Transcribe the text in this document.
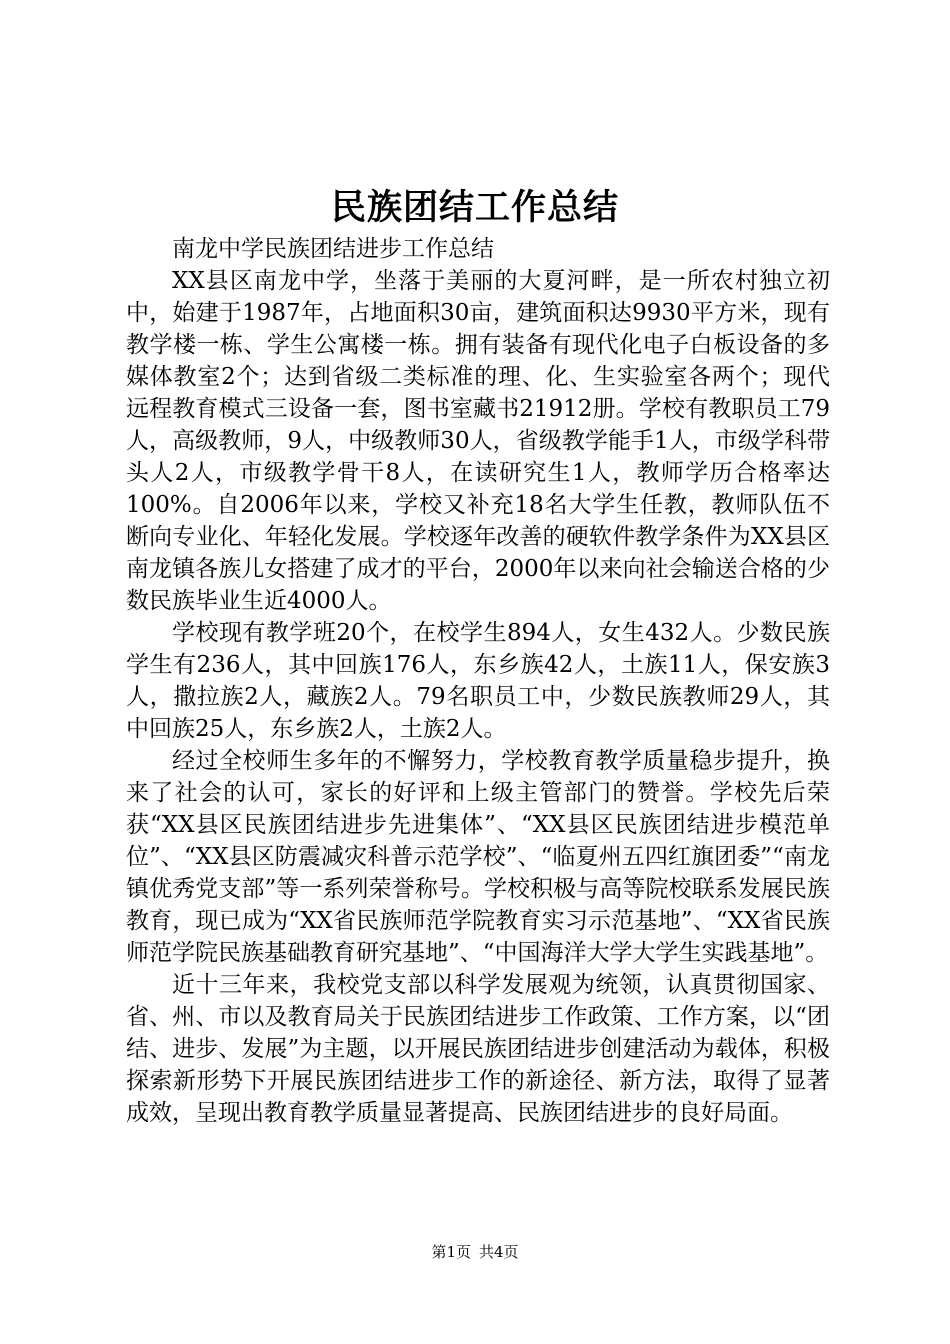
民族团结工作总结

南龙中学民族团结进步工作总结

XX县区南龙中学，坐落于美丽的大夏河畔，是一所农村独立初中，始建于1987年，占地面积30亩，建筑面积达9930平方米，现有教学楼一栋、学生公寓楼一栋。拥有装备有现代化电子白板设备的多媒体教室2个；达到省级二类标准的理、化、生实验室各两个；现代远程教育模式三设备一套，图书室藏书21912册。学校有教职员工79人，高级教师，9人，中级教师30人，省级教学能手1人，市级学科带头人2人，市级教学骨干8人，在读研究生1人，教师学历合格率达100%。自2006年以来，学校又补充18名大学生任教，教师队伍不断向专业化、年轻化发展。学校逐年改善的硬软件教学条件为XX县区南龙镇各族儿女搭建了成才的平台，2000年以来向社会输送合格的少数民族毕业生近4000人。

学校现有教学班20个，在校学生894人，女生432人。少数民族学生有236人，其中回族176人，东乡族42人，土族11人，保安族3人，撒拉族2人，藏族2人。79名职员工中，少数民族教师29人，其中回族25人，东乡族2人，土族2人。

经过全校师生多年的不懈努力，学校教育教学质量稳步提升，换来了社会的认可，家长的好评和上级主管部门的赞誉。学校先后荣获“XX县区民族团结进步先进集体”、“XX县区民族团结进步模范单位”、“XX县区防震减灾科普示范学校”、“临夏州五四红旗团委”“南龙镇优秀党支部”等一系列荣誉称号。学校积极与高等院校联系发展民族教育，现已成为“XX省民族师范学院教育实习示范基地”、“XX省民族师范学院民族基础教育研究基地”、“中国海洋大学大学生实践基地”。

近十三年来，我校党支部以科学发展观为统领，认真贯彻国家、省、州、市以及教育局关于民族团结进步工作政策、工作方案，以“团结、进步、发展”为主题，以开展民族团结进步创建活动为载体，积极探索新形势下开展民族团结进步工作的新途径、新方法，取得了显著成效，呈现出教育教学质量显著提高、民族团结进步的良好局面。

第1页 共4页
